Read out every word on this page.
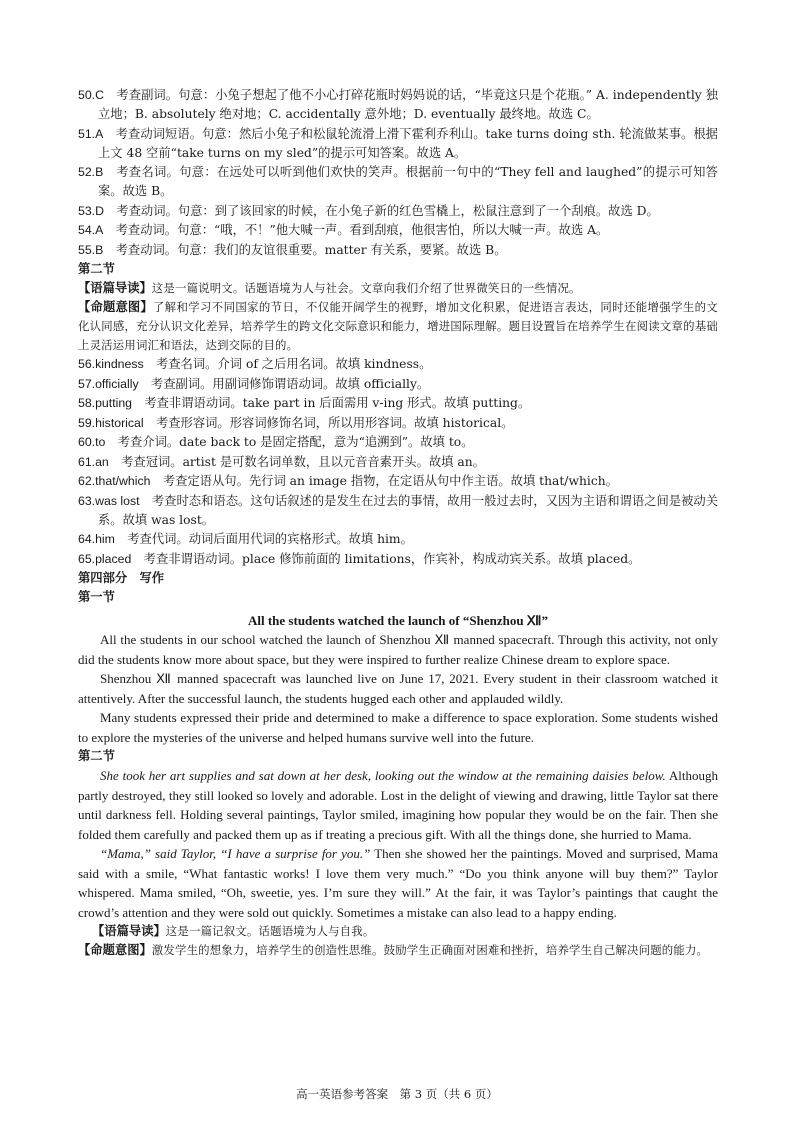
50.C　 考查副词。句意：小兔子想起了他不小心打碎花瓶时妈妈说的话，“毕竟这只是个花瓶。” A. independently 独立地；B. absolutely 绝对地；C. accidentally 意外地；D. eventually 最终地。故选 C。

51.A　 考查动词短语。句意：然后小兔子和松鼠轮流滑上滑下霍利乔利山。take turns doing sth. 轮流做某事。根据上文 48 空前“take turns on my sled”的提示可知答案。故选 A。

52.B　 考查名词。句意：在远处可以听到他们欢快的笑声。根据前一句中的“They fell and laughed”的提示可知答案。故选 B。

53.D　 考查动词。句意：到了该回家的时候，在小兔子新的红色雪橇上，松鼠注意到了一个刮痕。故选 D。

54.A　 考查动词。句意：“哦，不！”他大喊一声。看到刮痕，他很害怕，所以大喊一声。故选 A。

55.B　 考查动词。句意：我们的友谊很重要。matter 有关系，要紧。故选 B。

第二节

【语篇导读】这是一篇说明文。话题语境为人与社会。文章向我们介绍了世界微笑日的一些情况。

【命题意图】了解和学习不同国家的节日，不仅能开阔学生的视野，增加文化积累，促进语言表达，同时还能增强学生的文化认同感，充分认识文化差异，培养学生的跨文化交际意识和能力，增进国际理解。题目设置旨在培养学生在阅读文章的基础上灵活运用词汇和语法，达到交际的目的。

56.kindness　 考查名词。介词 of 之后用名词。故填 kindness。

57.officially　 考查副词。用副词修饰谓语动词。故填 officially。

58.putting　 考查非谓语动词。take part in 后面需用 v-ing 形式。故填 putting。

59.historical　 考查形容词。形容词修饰名词，所以用形容词。故填 historical。

60.to　 考查介词。date back to 是固定搭配，意为“追溯到”。故填 to。

61.an　 考查冠词。artist 是可数名词单数，且以元音音素开头。故填 an。

62.that/which　 考查定语从句。先行词 an image 指物，在定语从句中作主语。故填 that/which。

63.was lost　 考查时态和语态。这句话叙述的是发生在过去的事情，故用一般过去时，又因为主语和谓语之间是被动关系。故填 was lost。

64.him　 考查代词。动词后面用代词的宾格形式。故填 him。

65.placed　 考查非谓语动词。place 修饰前面的 limitations，作宾补，构成动宾关系。故填 placed。

第四部分　写作
第一节
All the students watched the launch of “Shenzhou Ⅻ”

All the students in our school watched the launch of Shenzhou Ⅻ manned spacecraft. Through this activity, not only did the students know more about space, but they were inspired to further realize Chinese dream to explore space.

Shenzhou Ⅻ manned spacecraft was launched live on June 17, 2021. Every student in their classroom watched it attentively. After the successful launch, the students hugged each other and applauded wildly.

Many students expressed their pride and determined to make a difference to space exploration. Some students wished to explore the mysteries of the universe and helped humans survive well into the future.

第二节

She took her art supplies and sat down at her desk, looking out the window at the remaining daisies below. Although partly destroyed, they still looked so lovely and adorable. Lost in the delight of viewing and drawing, little Taylor sat there until darkness fell. Holding several paintings, Taylor smiled, imagining how popular they would be on the fair. Then she folded them carefully and packed them up as if treating a precious gift. With all the things done, she hurried to Mama.

“Mama,” said Taylor, “I have a surprise for you.” Then she showed her the paintings. Moved and surprised, Mama said with a smile, “What fantastic works! I love them very much.” “Do you think anyone will buy them?” Taylor whispered. Mama smiled, “Oh, sweetie, yes. I’m sure they will.” At the fair, it was Taylor’s paintings that caught the crowd’s attention and they were sold out quickly. Sometimes a mistake can also lead to a happy ending.

【语篇导读】这是一篇记叙文。话题语境为人与自我。

【命题意图】激发学生的想象力，培养学生的创造性思维。鼓励学生正确面对困难和挫折，培养学生自己解决问题的能力。

高一英语参考答案　第 3 页（共 6 页）
